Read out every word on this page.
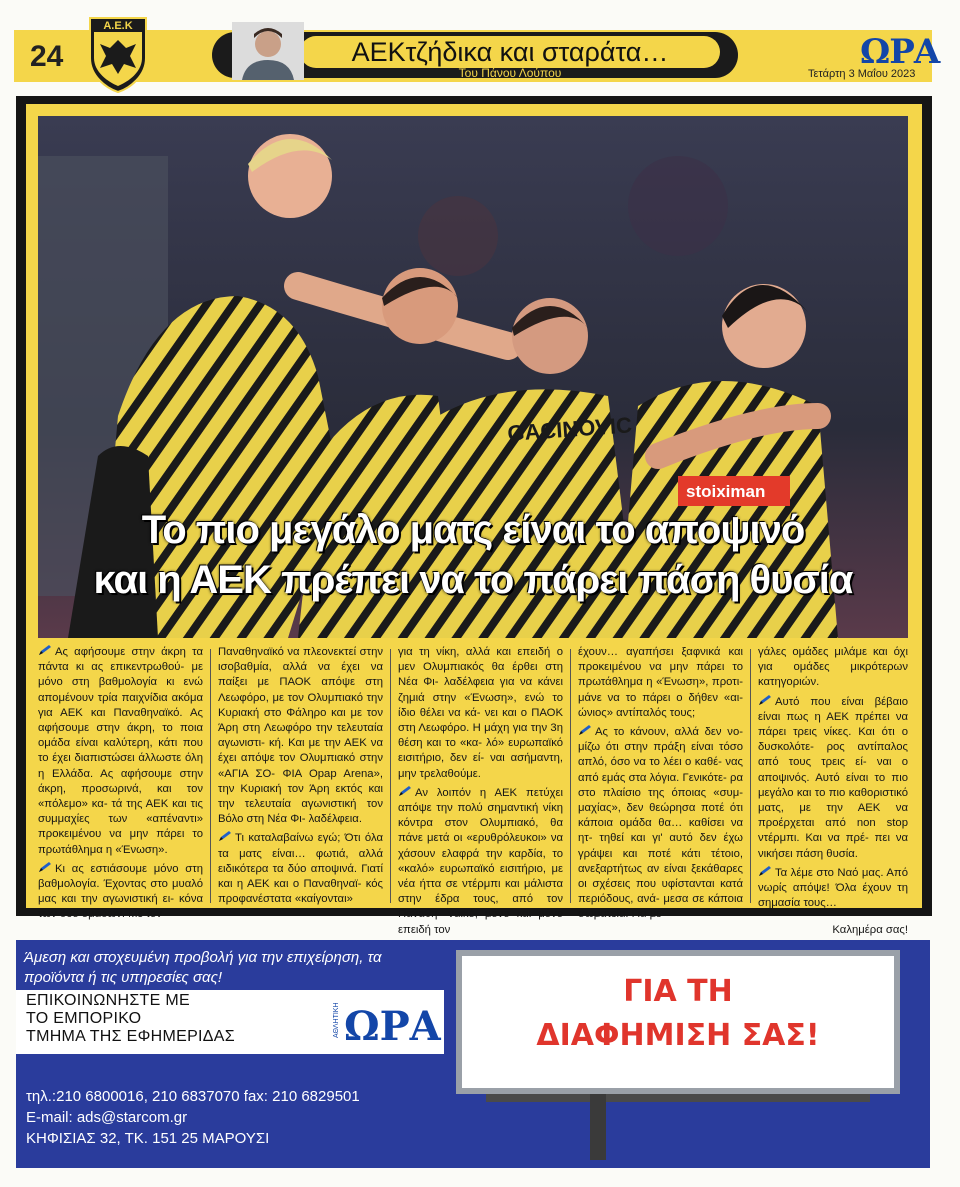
24
Α.Ε.Κ
ΑΕΚτζήδικα και σταράτα…
Του Πάνου Λούπου
ΩΡΑ
Τετάρτη 3 Μαΐου 2023
GACINOVIC
stoiximan
Το πιο μεγάλο ματς είναι το αποψινό
και η ΑΕΚ πρέπει να το πάρει πάση θυσία

Ας αφήσουμε στην άκρη τα πάντα κι ας επικεντρωθού- με μόνο στη βαθμολογία κι ενώ απομένουν τρία παιχνίδια ακόμα για ΑΕΚ και Παναθηναϊκό. Ας αφήσουμε στην άκρη, το ποια ομάδα είναι καλύτερη, κάτι που το έχει διαπιστώσει άλλωστε όλη η Ελλάδα. Ας αφήσουμε στην άκρη, προσωρινά, και τον «πόλεμο» κα- τά της ΑΕΚ και τις συμμαχίες των «απέναντι» προκειμένου να μην πάρει το πρωτάθλημα η «Ένωση».

Κι ας εστιάσουμε μόνο στη βαθμολογία. Έχοντας στο μυαλό μας και την αγωνιστική ει- κόνα των δύο ομάδων. Με τον

Παναθηναϊκό να πλεονεκτεί στην ισοβαθμία, αλλά να έχει να παίξει με ΠΑΟΚ απόψε στη Λεωφόρο, με τον Ολυμπιακό την Κυριακή στο Φάληρο και με τον Άρη στη Λεωφόρο την τελευταία αγωνιστι- κή. Και με την ΑΕΚ να έχει απόψε τον Ολυμπιακό στην «ΑΓΙΑ ΣΟ- ΦΙΑ Opap Arena», την Κυριακή τον Άρη εκτός και την τελευταία αγωνιστική τον Βόλο στη Νέα Φι- λαδέλφεια.

Τι καταλαβαίνω εγώ; Ότι όλα τα ματς είναι… φωτιά, αλλά ειδικότερα τα δύο αποψινά. Γιατί και η ΑΕΚ και ο Παναθηναϊ- κός προφανέστατα «καίγονται»

για τη νίκη, αλλά και επειδή ο μεν Ολυμπιακός θα έρθει στη Νέα Φι- λαδέλφεια για να κάνει ζημιά στην «Ένωση», ενώ το ίδιο θέλει να κά- νει και ο ΠΑΟΚ στη Λεωφόρο. Η μάχη για την 3η θέση και το «κα- λό» ευρωπαϊκό εισιτήριο, δεν εί- ναι ασήμαντη, μην τρελαθούμε.

Αν λοιπόν η ΑΕΚ πετύχει απόψε την πολύ σημαντική νίκη κόντρα στον Ολυμπιακό, θα πάνε μετά οι «ερυθρόλευκοι» να χάσουν ελαφρά την καρδία, το «καλό» ευρωπαϊκό εισιτήριο, με νέα ήττα σε ντέρμπι και μάλιστα στην έδρα τους, από τον Παναθη- ναϊκό, μόνο και μόνο επειδή τον

έχουν… αγαπήσει ξαφνικά και προκειμένου να μην πάρει το πρωτάθλημα η «Ένωση», προτι- μάνε να το πάρει ο δήθεν «αι- ώνιος» αντίπαλός τους;

Ας το κάνουν, αλλά δεν νο- μίζω ότι στην πράξη είναι τόσο απλό, όσο να το λέει ο καθέ- νας από εμάς στα λόγια. Γενικότε- ρα στο πλαίσιο της όποιας «συμ- μαχίας», δεν θεώρησα ποτέ ότι κάποια ομάδα θα… καθίσει να ητ- τηθεί και γι' αυτό δεν έχω γράψει και ποτέ κάτι τέτοιο, ανεξαρτήτως αν είναι ξεκάθαρες οι σχέσεις που υφίστανται κατά περιόδους, ανά- μεσα σε κάποια σωματεία. Για με-

γάλες ομάδες μιλάμε και όχι για ομάδες μικρότερων κατηγοριών.

Αυτό που είναι βέβαιο είναι πως η ΑΕΚ πρέπει να πάρει τρεις νίκες. Και ότι ο δυσκολότε- ρος αντίπαλος από τους τρεις εί- ναι ο αποψινός. Αυτό είναι το πιο μεγάλο και το πιο καθοριστικό ματς, με την ΑΕΚ να προέρχεται από non stop ντέρμπι. Και να πρέ- πει να νικήσει πάση θυσία.

Τα λέμε στο Ναό μας. Από νωρίς απόψε! Όλα έχουν τη σημασία τους…

Καλημέρα σας!
Άμεση και στοχευμένη προβολή για την επιχείρηση, τα προϊόντα ή τις υπηρεσίες σας!
ΕΠΙΚΟΙΝΩΝΗΣΤΕ ΜΕ
ΤΟ ΕΜΠΟΡΙΚΟ
ΤΜΗΜΑ ΤΗΣ ΕΦΗΜΕΡΙΔΑΣ	ΑΘΛΗΤΙΚΗ ΩΡΑ
τηλ.:210 6800016, 210 6837070 fax: 210 6829501
E-mail: ads@starcom.gr
ΚΗΦΙΣΙΑΣ 32, ΤΚ. 151 25 ΜΑΡΟΥΣΙ
ΓΙΑ ΤΗ
ΔΙΑΦΗΜΙΣΗ ΣΑΣ!
